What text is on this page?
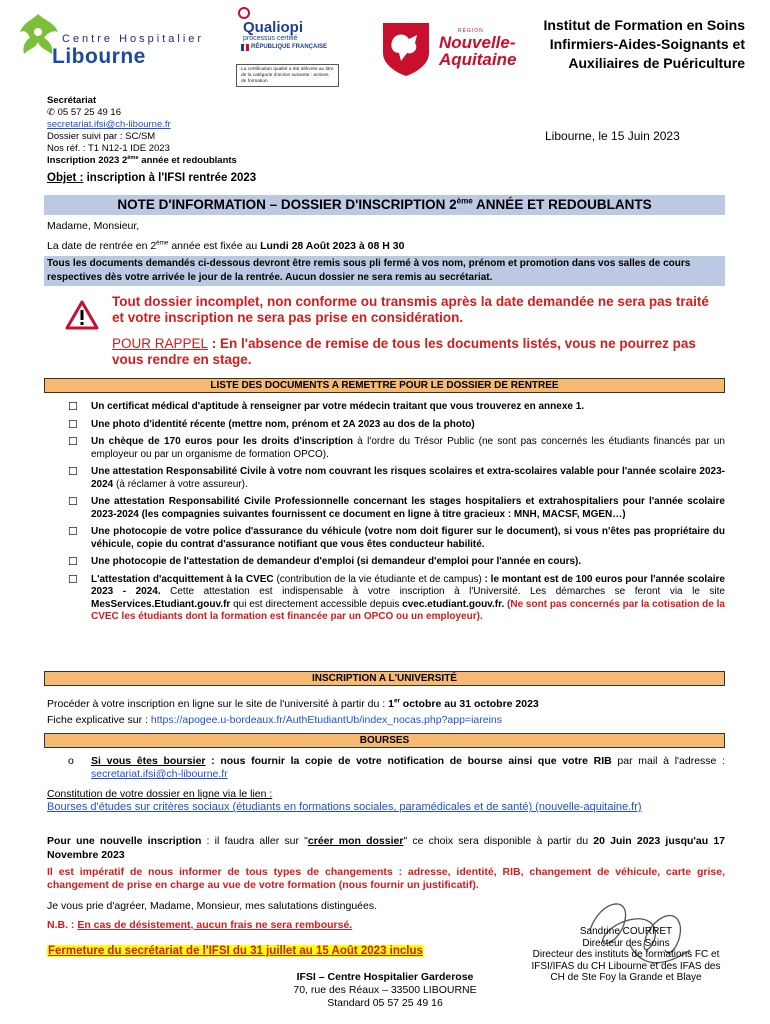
Centre Hospitalier
Libourne
Qualiopi
processus certifié
RÉPUBLIQUE FRANÇAISE
La certification qualité a été délivrée au titre de la catégorie d'action suivante : actions de formation
RÉGION
Nouvelle-
Aquitaine
Institut de Formation en Soins
Infirmiers-Aides-Soignants et
Auxiliaires de Puériculture
Secrétariat
✆ 05 57 25 49 16
secretariat.ifsi@ch-libourne.fr
Dossier suivi par : SC/SM
Nos réf. : T1 N12-1 IDE 2023
Inscription 2023 2ème année et redoublants
Libourne, le 15 Juin 2023
Objet : inscription à l'IFSI rentrée 2023
NOTE D'INFORMATION – DOSSIER D'INSCRIPTION 2ème ANNÉE ET REDOUBLANTS
Madame, Monsieur,
La date de rentrée en 2ème année est fixée au Lundi 28 Août 2023 à 08 H 30
Tous les documents demandés ci-dessous devront être remis sous pli fermé à vos nom, prénom et promotion dans vos salles de cours respectives dès votre arrivée le jour de la rentrée. Aucun dossier ne sera remis au secrétariat.
Tout dossier incomplet, non conforme ou transmis après la date demandée ne sera pas traité et votre inscription ne sera pas prise en considération.
POUR RAPPEL : En l'absence de remise de tous les documents listés, vous ne pourrez pas vous rendre en stage.
LISTE DES DOCUMENTS A REMETTRE POUR LE DOSSIER DE RENTREE
☐	Un certificat médical d'aptitude à renseigner par votre médecin traitant que vous trouverez en annexe 1.
☐	Une photo d'identité récente (mettre nom, prénom et 2A 2023 au dos de la photo)
☐	Un chèque de 170 euros pour les droits d'inscription à l'ordre du Trésor Public (ne sont pas concernés les étudiants financés par un employeur ou par un organisme de formation OPCO).
☐	Une attestation Responsabilité Civile à votre nom couvrant les risques scolaires et extra-scolaires valable pour l'année scolaire 2023-2024 (à réclamer à votre assureur).
☐	Une attestation Responsabilité Civile Professionnelle concernant les stages hospitaliers et extrahospitaliers pour l'année scolaire 2023-2024 (les compagnies suivantes fournissent ce document en ligne à titre gracieux : MNH, MACSF, MGEN…)
☐	Une photocopie de votre police d'assurance du véhicule (votre nom doit figurer sur le document), si vous n'êtes pas propriétaire du véhicule, copie du contrat d'assurance notifiant que vous êtes conducteur habilité.
☐	Une photocopie de l'attestation de demandeur d'emploi (si demandeur d'emploi pour l'année en cours).
☐	L'attestation d'acquittement à la CVEC (contribution de la vie étudiante et de campus) : le montant est de 100 euros pour l'année scolaire 2023 - 2024. Cette attestation est indispensable à votre inscription à l'Université. Les démarches se feront via le site MesServices.Etudiant.gouv.fr qui est directement accessible depuis cvec.etudiant.gouv.fr. (Ne sont pas concernés par la cotisation de la CVEC les étudiants dont la formation est financée par un OPCO ou un employeur).
INSCRIPTION A L'UNIVERSITÉ
Procéder à votre inscription en ligne sur le site de l'université à partir du : 1er octobre au 31 octobre 2023
Fiche explicative sur : https://apogee.u-bordeaux.fr/AuthEtudiantUb/index_nocas.php?app=iareins
BOURSES
o	Si vous êtes boursier : nous fournir la copie de votre notification de bourse ainsi que votre RIB par mail à l'adresse : secretariat.ifsi@ch-libourne.fr
Constitution de votre dossier en ligne via le lien :
Bourses d'études sur critères sociaux (étudiants en formations sociales, paramédicales et de santé) (nouvelle-aquitaine.fr)
Pour une nouvelle inscription : il faudra aller sur "créer mon dossier" ce choix sera disponible à partir du 20 Juin 2023 jusqu'au 17 Novembre 2023
Il est impératif de nous informer de tous types de changements : adresse, identité, RIB, changement de véhicule, carte grise, changement de prise en charge au vue de votre formation (nous fournir un justificatif).
Je vous prie d'agréer, Madame, Monsieur, mes salutations distinguées.
N.B. : En cas de désistement, aucun frais ne sera remboursé.
Fermeture du secrétariat de l'IFSI du 31 juillet au 15 Août 2023 inclus
Sandrine COURRET
Directeur des Soins
Directeur des instituts de formations FC et
IFSI/IFAS du CH Libourne et des IFAS des
CH de Ste Foy la Grande et Blaye
IFSI – Centre Hospitalier Garderose
70, rue des Réaux – 33500 LIBOURNE
Standard 05 57 25 49 16
